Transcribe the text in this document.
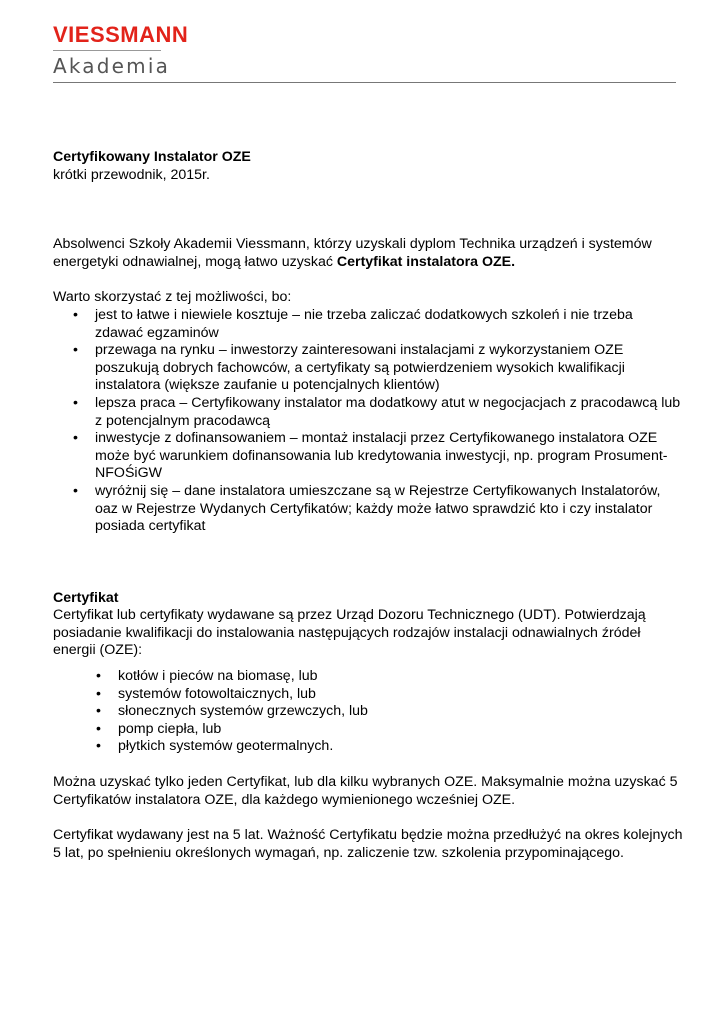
VIESSMANN
Akademia

Certyfikowany Instalator OZE

krótki przewodnik, 2015r.

Absolwenci Szkoły Akademii Viessmann, którzy uzyskali dyplom Technika urządzeń i systemów energetyki odnawialnej, mogą łatwo uzyskać Certyfikat instalatora OZE.

Warto skorzystać z tej możliwości, bo:

• jest to łatwe i niewiele kosztuje – nie trzeba zaliczać dodatkowych szkoleń i nie trzeba zdawać egzaminów
• przewaga na rynku – inwestorzy zainteresowani instalacjami z wykorzystaniem OZE poszukują dobrych fachowców, a certyfikaty są potwierdzeniem wysokich kwalifikacji instalatora (większe zaufanie u potencjalnych klientów)
• lepsza praca – Certyfikowany instalator ma dodatkowy atut w negocjacjach z pracodawcą lub z potencjalnym pracodawcą
• inwestycje z dofinansowaniem – montaż instalacji przez Certyfikowanego instalatora OZE może być warunkiem dofinansowania lub kredytowania inwestycji, np. program Prosument-NFOŚiGW
• wyróżnij się – dane instalatora umieszczane są w Rejestrze Certyfikowanych Instalatorów, oaz w Rejestrze Wydanych Certyfikatów; każdy może łatwo sprawdzić kto i czy instalator posiada certyfikat

Certyfikat

Certyfikat lub certyfikaty wydawane są przez Urząd Dozoru Technicznego (UDT). Potwierdzają posiadanie kwalifikacji do instalowania następujących rodzajów instalacji odnawialnych źródeł energii (OZE):

• kotłów i pieców na biomasę, lub
• systemów fotowoltaicznych, lub
• słonecznych systemów grzewczych, lub
• pomp ciepła, lub
• płytkich systemów geotermalnych.

Można uzyskać tylko jeden Certyfikat, lub dla kilku wybranych OZE. Maksymalnie można uzyskać 5 Certyfikatów instalatora OZE, dla każdego wymienionego wcześniej OZE.

Certyfikat wydawany jest na 5 lat. Ważność Certyfikatu będzie można przedłużyć na okres kolejnych 5 lat, po spełnieniu określonych wymagań, np. zaliczenie tzw. szkolenia przypominającego.
